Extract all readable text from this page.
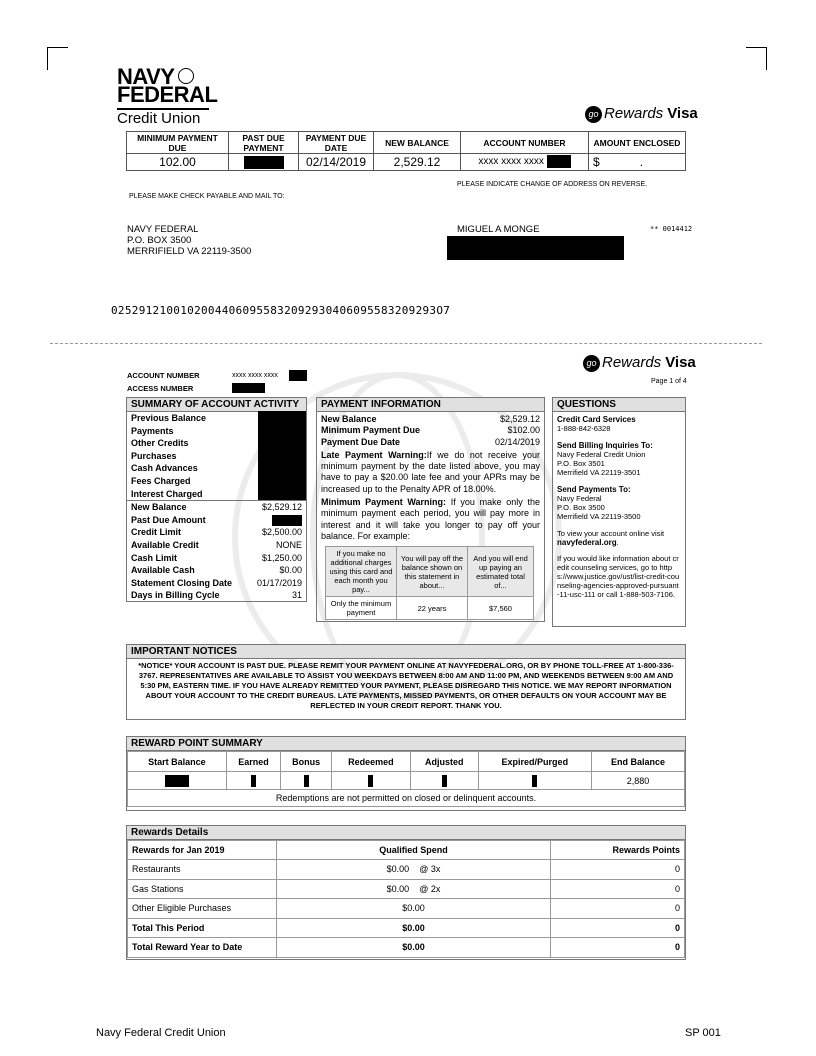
NAVY
FEDERAL
Credit Union	go Rewards Visa
MINIMUM PAYMENT DUE	PAST DUE PAYMENT	PAYMENT DUE DATE	NEW BALANCE	ACCOUNT NUMBER	AMOUNT ENCLOSED
102.00		02/14/2019	2,529.12	xxxx xxxx xxxx	$ .
PLEASE INDICATE CHANGE OF ADDRESS ON REVERSE.
PLEASE MAKE CHECK PAYABLE AND MAIL TO:
NAVY FEDERAL
P.O. BOX 3500
MERRIFIELD VA 22119-3500
MIGUEL A MONGE	** 0014412
02529121001020044060955832092930406095583209293O7
go Rewards Visa
Page 1 of 4
ACCOUNT NUMBER	xxxx xxxx xxxx
ACCESS NUMBER
SUMMARY OF ACCOUNT ACTIVITY
Previous Balance
Payments
Other Credits
Purchases
Cash Advances
Fees Charged
Interest Charged
New Balance	$2,529.12
Past Due Amount
Credit Limit	$2,500.00
Available Credit	NONE
Cash Limit	$1,250.00
Available Cash	$0.00
Statement Closing Date	01/17/2019
Days in Billing Cycle	31
PAYMENT INFORMATION
New Balance	$2,529.12
Minimum Payment Due	$102.00
Payment Due Date	02/14/2019
Late Payment Warning:If we do not receive your minimum payment by the date listed above, you may have to pay a $20.00 late fee and your APRs may be increased up to the Penalty APR of 18.00%.
Minimum Payment Warning: If you make only the minimum payment each period, you will pay more in interest and it will take you longer to pay off your balance. For example:
If you make no additional charges using this card and each month you pay...	You will pay off the balance shown on this statement in about...	And you will end up paying an estimated total of...
Only the minimum payment	22 years	$7,560
QUESTIONS
Credit Card Services
1-888-842-6328
Send Billing Inquiries To:
Navy Federal Credit Union
P.O. Box 3501
Merrifield VA 22119-3501
Send Payments To:
Navy Federal
P.O. Box 3500
Merrifield VA 22119-3500
To view your account online visit navyfederal.org.
If you would like information about credit counseling services, go to https://www.justice.gov/ust/list-credit-counseling-agencies-approved-pursuant-11-usc-111 or call 1-888-503-7106.
IMPORTANT NOTICES
*NOTICE* YOUR ACCOUNT IS PAST DUE. PLEASE REMIT YOUR PAYMENT ONLINE AT NAVYFEDERAL.ORG, OR BY PHONE TOLL-FREE AT 1-800-336-3767. REPRESENTATIVES ARE AVAILABLE TO ASSIST YOU WEEKDAYS BETWEEN 8:00 AM AND 11:00 PM, AND WEEKENDS BETWEEN 9:00 AM AND 5:30 PM, EASTERN TIME. IF YOU HAVE ALREADY REMITTED YOUR PAYMENT, PLEASE DISREGARD THIS NOTICE. WE MAY REPORT INFORMATION ABOUT YOUR ACCOUNT TO THE CREDIT BUREAUS. LATE PAYMENTS, MISSED PAYMENTS, OR OTHER DEFAULTS ON YOUR ACCOUNT MAY BE REFLECTED IN YOUR CREDIT REPORT. THANK YOU.
REWARD POINT SUMMARY
Start Balance	Earned	Bonus	Redeemed	Adjusted	Expired/Purged	End Balance
						2,880
Redemptions are not permitted on closed or delinquent accounts.						
Rewards Details
Rewards for Jan 2019	Qualified Spend	Rewards Points
Restaurants	$0.00 @ 3x	0
Gas Stations	$0.00 @ 2x	0
Other Eligible Purchases	$0.00	0
Total This Period	$0.00	0
Total Reward Year to Date	$0.00	0
Navy Federal Credit Union	SP 001
